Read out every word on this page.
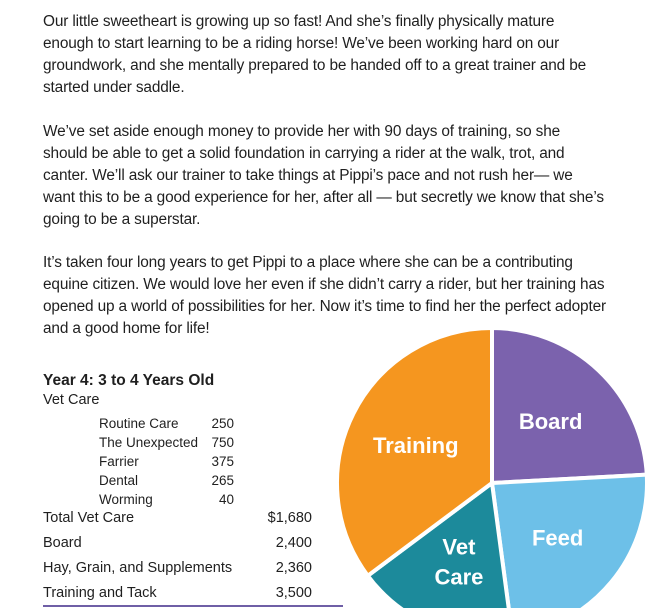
Our little sweetheart is growing up so fast! And she’s finally physically mature enough to start learning to be a riding horse! We’ve been working hard on our groundwork, and she mentally prepared to be handed off to a great trainer and be started under saddle.

We’ve set aside enough money to provide her with 90 days of training, so she should be able to get a solid foundation in carrying a rider at the walk, trot, and canter. We’ll ask our trainer to take things at Pippi’s pace and not rush her— we want this to be a good experience for her, after all — but secretly we know that she’s going to be a superstar.

It’s taken four long years to get Pippi to a place where she can be a contributing equine citizen. We would love her even if she didn’t carry a rider, but her training has opened up a world of possibilities for her. Now it’s time to find her the perfect adopter and a good home for life!

Year 4: 3 to 4 Years Old

Vet Care
Routine Care 250
The Unexpected 750
Farrier	375
Dental	265
Worming	40
Total Vet Care	$1,680
Board	2,400
Hay, Grain, and Supplements	2,360
Training and Tack	3,500
Board
Feed
Vet Care
Training
